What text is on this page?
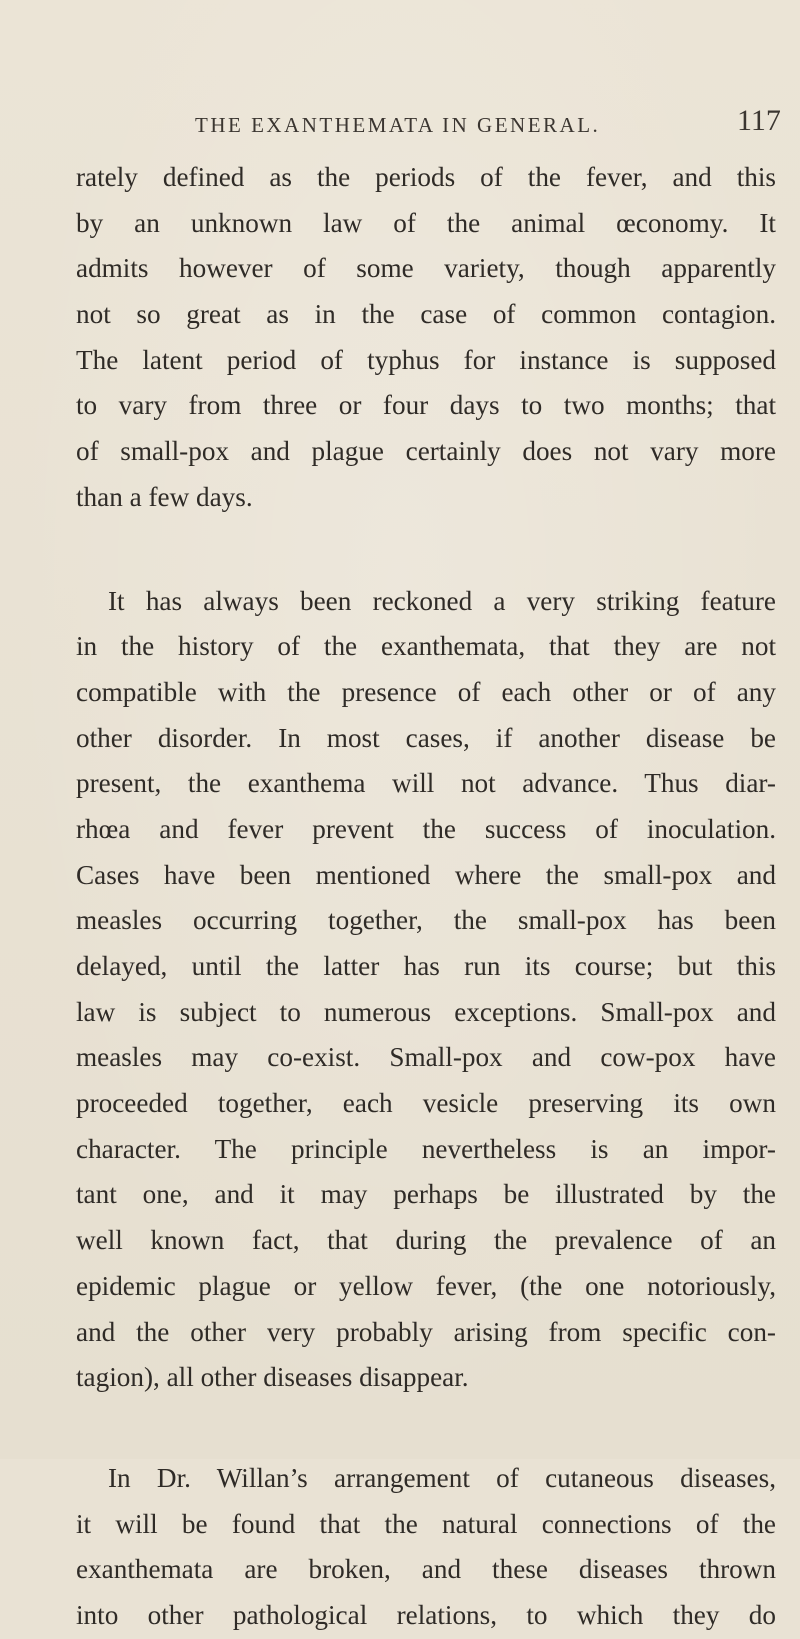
THE EXANTHEMATA IN GENERAL.	117
rately defined as the periods of the fever, and this
by an unknown law of the animal œconomy. It
admits however of some variety, though apparently
not so great as in the case of common contagion.
The latent period of typhus for instance is supposed
to vary from three or four days to two months; that
of small-pox and plague certainly does not vary more
than a few days.
It has always been reckoned a very striking feature
in the history of the exanthemata, that they are not
compatible with the presence of each other or of any
other disorder. In most cases, if another disease be
present, the exanthema will not advance. Thus diar-
rhœa and fever prevent the success of inoculation.
Cases have been mentioned where the small-pox and
measles occurring together, the small-pox has been
delayed, until the latter has run its course; but this
law is subject to numerous exceptions. Small-pox and
measles may co-exist. Small-pox and cow-pox have
proceeded together, each vesicle preserving its own
character. The principle nevertheless is an impor-
tant one, and it may perhaps be illustrated by the
well known fact, that during the prevalence of an
epidemic plague or yellow fever, (the one notoriously,
and the other very probably arising from specific con-
tagion), all other diseases disappear.
In Dr. Willan’s arrangement of cutaneous diseases,
it will be found that the natural connections of the
exanthemata are broken, and these diseases thrown
into other pathological relations, to which they do
